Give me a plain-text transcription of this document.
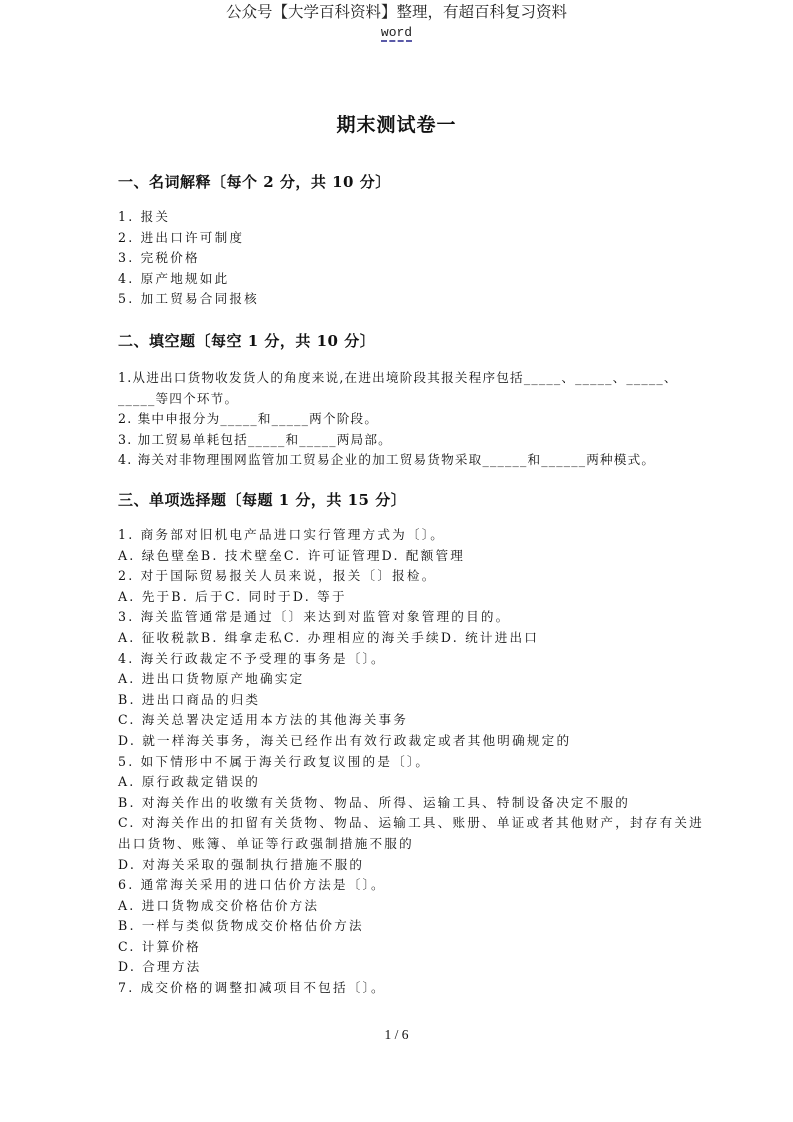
公众号【大学百科资料】整理，有超百科复习资料
word
期末测试卷一
一、名词解释〔每个 2 分，共 10 分〕
1. 报关
2. 进出口许可制度
3. 完税价格
4. 原产地规如此
5. 加工贸易合同报核
二、填空题〔每空 1 分，共 10 分〕
1.从进出口货物收发货人的角度来说,在进出境阶段其报关程序包括_____、_____、_____、
_____等四个环节。
2. 集中申报分为_____和_____两个阶段。
3. 加工贸易单耗包括_____和_____两局部。
4. 海关对非物理围网监管加工贸易企业的加工贸易货物采取______和______两种模式。
三、单项选择题〔每题 1 分，共 15 分〕
1. 商务部对旧机电产品进口实行管理方式为〔〕。
A. 绿色壁垒B. 技术壁垒C. 许可证管理D. 配额管理
2. 对于国际贸易报关人员来说，报关〔〕报检。
A. 先于B. 后于C. 同时于D. 等于
3. 海关监管通常是通过〔〕来达到对监管对象管理的目的。
A. 征收税款B. 缉拿走私C. 办理相应的海关手续D. 统计进出口
4. 海关行政裁定不予受理的事务是〔〕。
A. 进出口货物原产地确实定
B. 进出口商品的归类
C. 海关总署决定适用本方法的其他海关事务
D. 就一样海关事务，海关已经作出有效行政裁定或者其他明确规定的
5. 如下情形中不属于海关行政复议围的是〔〕。
A. 原行政裁定错误的
B. 对海关作出的收缴有关货物、物品、所得、运输工具、特制设备决定不服的
C. 对海关作出的扣留有关货物、物品、运输工具、账册、单证或者其他财产，封存有关进
出口货物、账簿、单证等行政强制措施不服的
D. 对海关采取的强制执行措施不服的
6. 通常海关采用的进口估价方法是〔〕。
A. 进口货物成交价格估价方法
B. 一样与类似货物成交价格估价方法
C. 计算价格
D. 合理方法
7. 成交价格的调整扣减项目不包括〔〕。
1 / 6
